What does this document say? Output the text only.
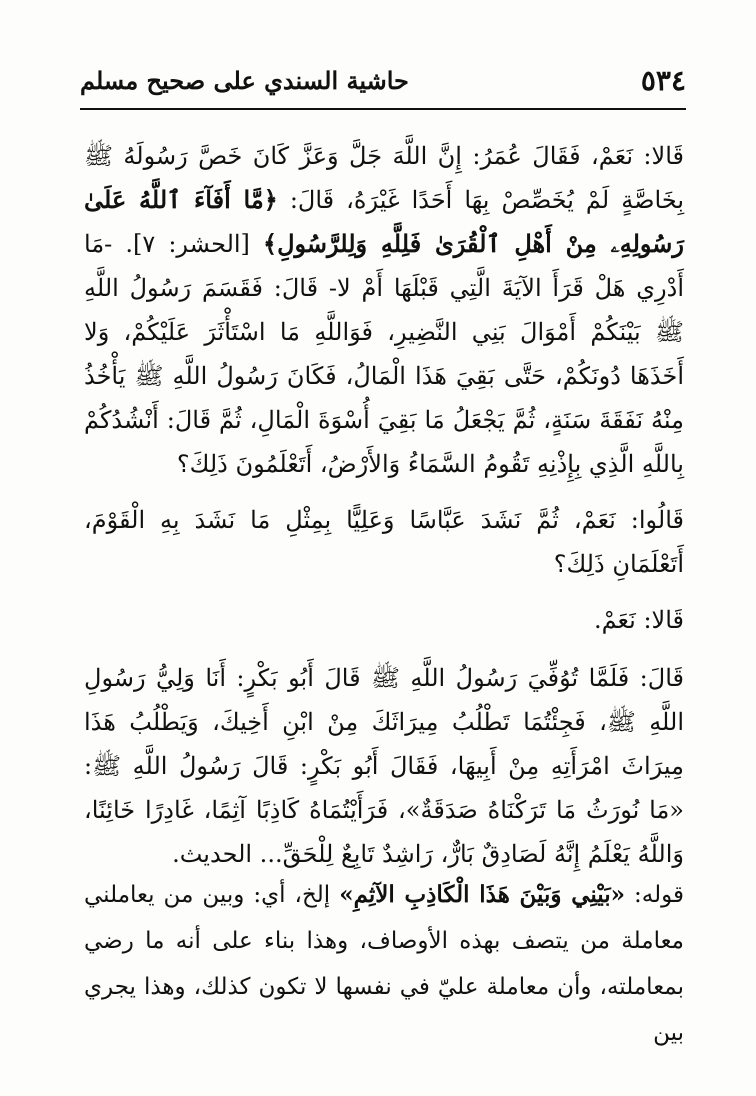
٥٣٤
حاشية السندي على صحيح مسلم

قَالا: نَعَمْ، فَقَالَ عُمَرُ: إِنَّ اللَّهَ جَلَّ وَعَزَّ كَانَ خَصَّ رَسُولَهُ ﷺ بِخَاصَّةٍ لَمْ يُخَصِّصْ بِهَا أَحَدًا غَيْرَهُ، قَالَ: ﴿مَّا أَفَآءَ ٱللَّهُ عَلَىٰ رَسُولِهِۦ مِنْ أَهْلِ ٱلْقُرَىٰ فَلِلَّهِ وَلِلرَّسُولِ﴾ [الحشر: ٧]. -مَا أَدْرِي هَلْ قَرَأَ الآيَةَ الَّتِي قَبْلَهَا أَمْ لا- قَالَ: فَقَسَمَ رَسُولُ اللَّهِ ﷺ بَيْنَكُمْ أَمْوَالَ بَنِي النَّضِيرِ، فَوَاللَّهِ مَا اسْتَأْثَرَ عَلَيْكُمْ، وَلا أَخَذَهَا دُونَكُمْ، حَتَّى بَقِيَ هَذَا الْمَالُ، فَكَانَ رَسُولُ اللَّهِ ﷺ يَأْخُذُ مِنْهُ نَفَقَةَ سَنَةٍ، ثُمَّ يَجْعَلُ مَا بَقِيَ أُسْوَةَ الْمَالِ، ثُمَّ قَالَ: أَنْشُدُكُمْ بِاللَّهِ الَّذِي بِإِذْنِهِ تَقُومُ السَّمَاءُ وَالأَرْضُ، أَتَعْلَمُونَ ذَلِكَ؟

قَالُوا: نَعَمْ، ثُمَّ نَشَدَ عَبَّاسًا وَعَلِيًّا بِمِثْلِ مَا نَشَدَ بِهِ الْقَوْمَ، أَتَعْلَمَانِ ذَلِكَ؟

قَالا: نَعَمْ.

قَالَ: فَلَمَّا تُوُفِّيَ رَسُولُ اللَّهِ ﷺ قَالَ أَبُو بَكْرٍ: أَنَا وَلِيُّ رَسُولِ اللَّهِ ﷺ، فَجِئْتُمَا تَطْلُبُ مِيرَاثَكَ مِنْ ابْنِ أَخِيكَ، وَيَطْلُبُ هَذَا مِيرَاثَ امْرَأَتِهِ مِنْ أَبِيهَا، فَقَالَ أَبُو بَكْرٍ: قَالَ رَسُولُ اللَّهِ ﷺ: «مَا نُورَثُ مَا تَرَكْنَاهُ صَدَقَةٌ»، فَرَأَيْتُمَاهُ كَاذِبًا آثِمًا، غَادِرًا خَائِنًا، وَاللَّهُ يَعْلَمُ إِنَّهُ لَصَادِقٌ بَارٌّ، رَاشِدٌ تَابِعٌ لِلْحَقِّ... الحديث.

قوله: «بَيْنِي وَبَيْنَ هَذَا الْكَاذِبِ الآثِمِ» إلخ، أي: وبين من يعاملني معاملة من يتصف بهذه الأوصاف، وهذا بناء على أنه ما رضي بمعاملته، وأن معاملة عليّ في نفسها لا تكون كذلك، وهذا يجري بين
